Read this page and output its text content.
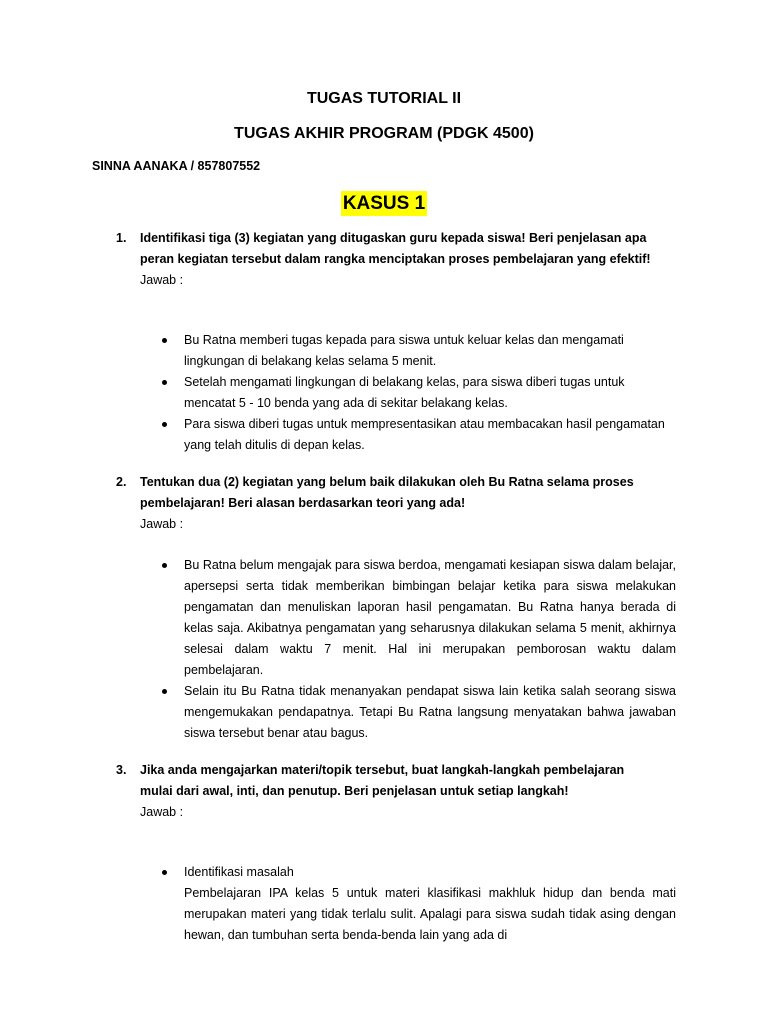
TUGAS TUTORIAL II

TUGAS AKHIR PROGRAM (PDGK 4500)

SINNA AANAKA / 857807552

KASUS 1
1. Identifikasi tiga (3) kegiatan yang ditugaskan guru kepada siswa! Beri penjelasan apa peran kegiatan tersebut dalam rangka menciptakan proses pembelajaran yang efektif!
Jawab :
Bu Ratna memberi tugas kepada para siswa untuk keluar kelas dan mengamati lingkungan di belakang kelas selama 5 menit.
Setelah mengamati lingkungan di belakang kelas, para siswa diberi tugas untuk mencatat 5 - 10 benda yang ada di sekitar belakang kelas.
Para siswa diberi tugas untuk mempresentasikan atau membacakan hasil pengamatan yang telah ditulis di depan kelas.
2. Tentukan dua (2) kegiatan yang belum baik dilakukan oleh Bu Ratna selama proses pembelajaran! Beri alasan berdasarkan teori yang ada!
Jawab :
Bu Ratna belum mengajak para siswa berdoa, mengamati kesiapan siswa dalam belajar, apersepsi serta tidak memberikan bimbingan belajar ketika para siswa melakukan pengamatan dan menuliskan laporan hasil pengamatan. Bu Ratna hanya berada di kelas saja. Akibatnya pengamatan yang seharusnya dilakukan selama 5 menit, akhirnya selesai dalam waktu 7 menit. Hal ini merupakan pemborosan waktu dalam pembelajaran.
Selain itu Bu Ratna tidak menanyakan pendapat siswa lain ketika salah seorang siswa mengemukakan pendapatnya. Tetapi Bu Ratna langsung menyatakan bahwa jawaban siswa tersebut benar atau bagus.
3. Jika anda mengajarkan materi/topik tersebut, buat langkah-langkah pembelajaran mulai dari awal, inti, dan penutup. Beri penjelasan untuk setiap langkah!
Jawab :
Identifikasi masalah
Pembelajaran IPA kelas 5 untuk materi klasifikasi makhluk hidup dan benda mati merupakan materi yang tidak terlalu sulit. Apalagi para siswa sudah tidak asing dengan hewan, dan tumbuhan serta benda-benda lain yang ada di
